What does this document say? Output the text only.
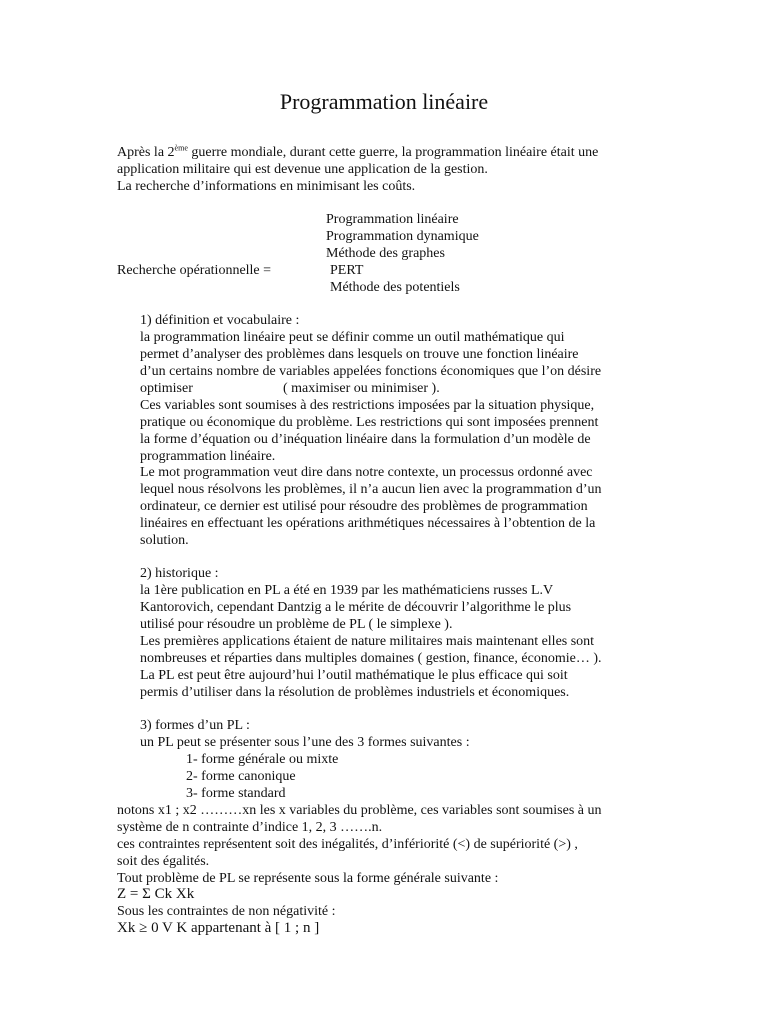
Programmation linéaire
Après la 2ème guerre mondiale, durant cette guerre, la programmation linéaire était une
application militaire qui est devenue une application de la gestion.
La recherche d’informations en minimisant les coûts.
Programmation linéaire
Programmation dynamique
Méthode des graphes
Recherche opérationnelle =	PERT
Méthode des potentiels
1) définition et vocabulaire :
la programmation linéaire peut se définir comme un outil mathématique qui
permet d’analyser des problèmes dans lesquels on trouve une fonction linéaire
d’un certains nombre de variables appelées fonctions économiques que l’on désire
optimiser	( maximiser ou minimiser ).
Ces variables sont soumises à des restrictions imposées par la situation physique,
pratique ou économique du problème. Les restrictions qui sont imposées prennent
la forme d’équation ou d’inéquation linéaire dans la formulation d’un modèle de
programmation linéaire.
Le mot programmation veut dire dans notre contexte, un processus ordonné avec
lequel nous résolvons les problèmes, il n’a aucun lien avec la programmation d’un
ordinateur, ce dernier est utilisé pour résoudre des problèmes de programmation
linéaires en effectuant les opérations arithmétiques nécessaires à l’obtention de la
solution.
2) historique :
la 1ère publication en PL a été en 1939 par les mathématiciens russes L.V
Kantorovich, cependant Dantzig a le mérite de découvrir l’algorithme le plus
utilisé pour résoudre un problème de PL ( le simplexe ).
Les premières applications étaient de nature militaires mais maintenant elles sont
nombreuses et réparties dans multiples domaines ( gestion, finance, économie… ).
La PL est peut être aujourd’hui l’outil mathématique le plus efficace qui soit
permis d’utiliser dans la résolution de problèmes industriels et économiques.
3) formes d’un PL :
un PL peut se présenter sous l’une des 3 formes suivantes :
1- forme générale ou mixte
2- forme canonique
3- forme standard
notons x1 ; x2 ………xn les x variables du problème, ces variables sont soumises à un
système de n contrainte d’indice 1, 2, 3 …….n.
ces contraintes représentent soit des inégalités, d’infériorité (<) de supériorité (>) ,
soit des égalités.
Tout problème de PL se représente sous la forme générale suivante :
Z = Σ Ck Xk
Sous les contraintes de non négativité :
Xk ≥ 0 V K appartenant à [ 1 ; n ]
